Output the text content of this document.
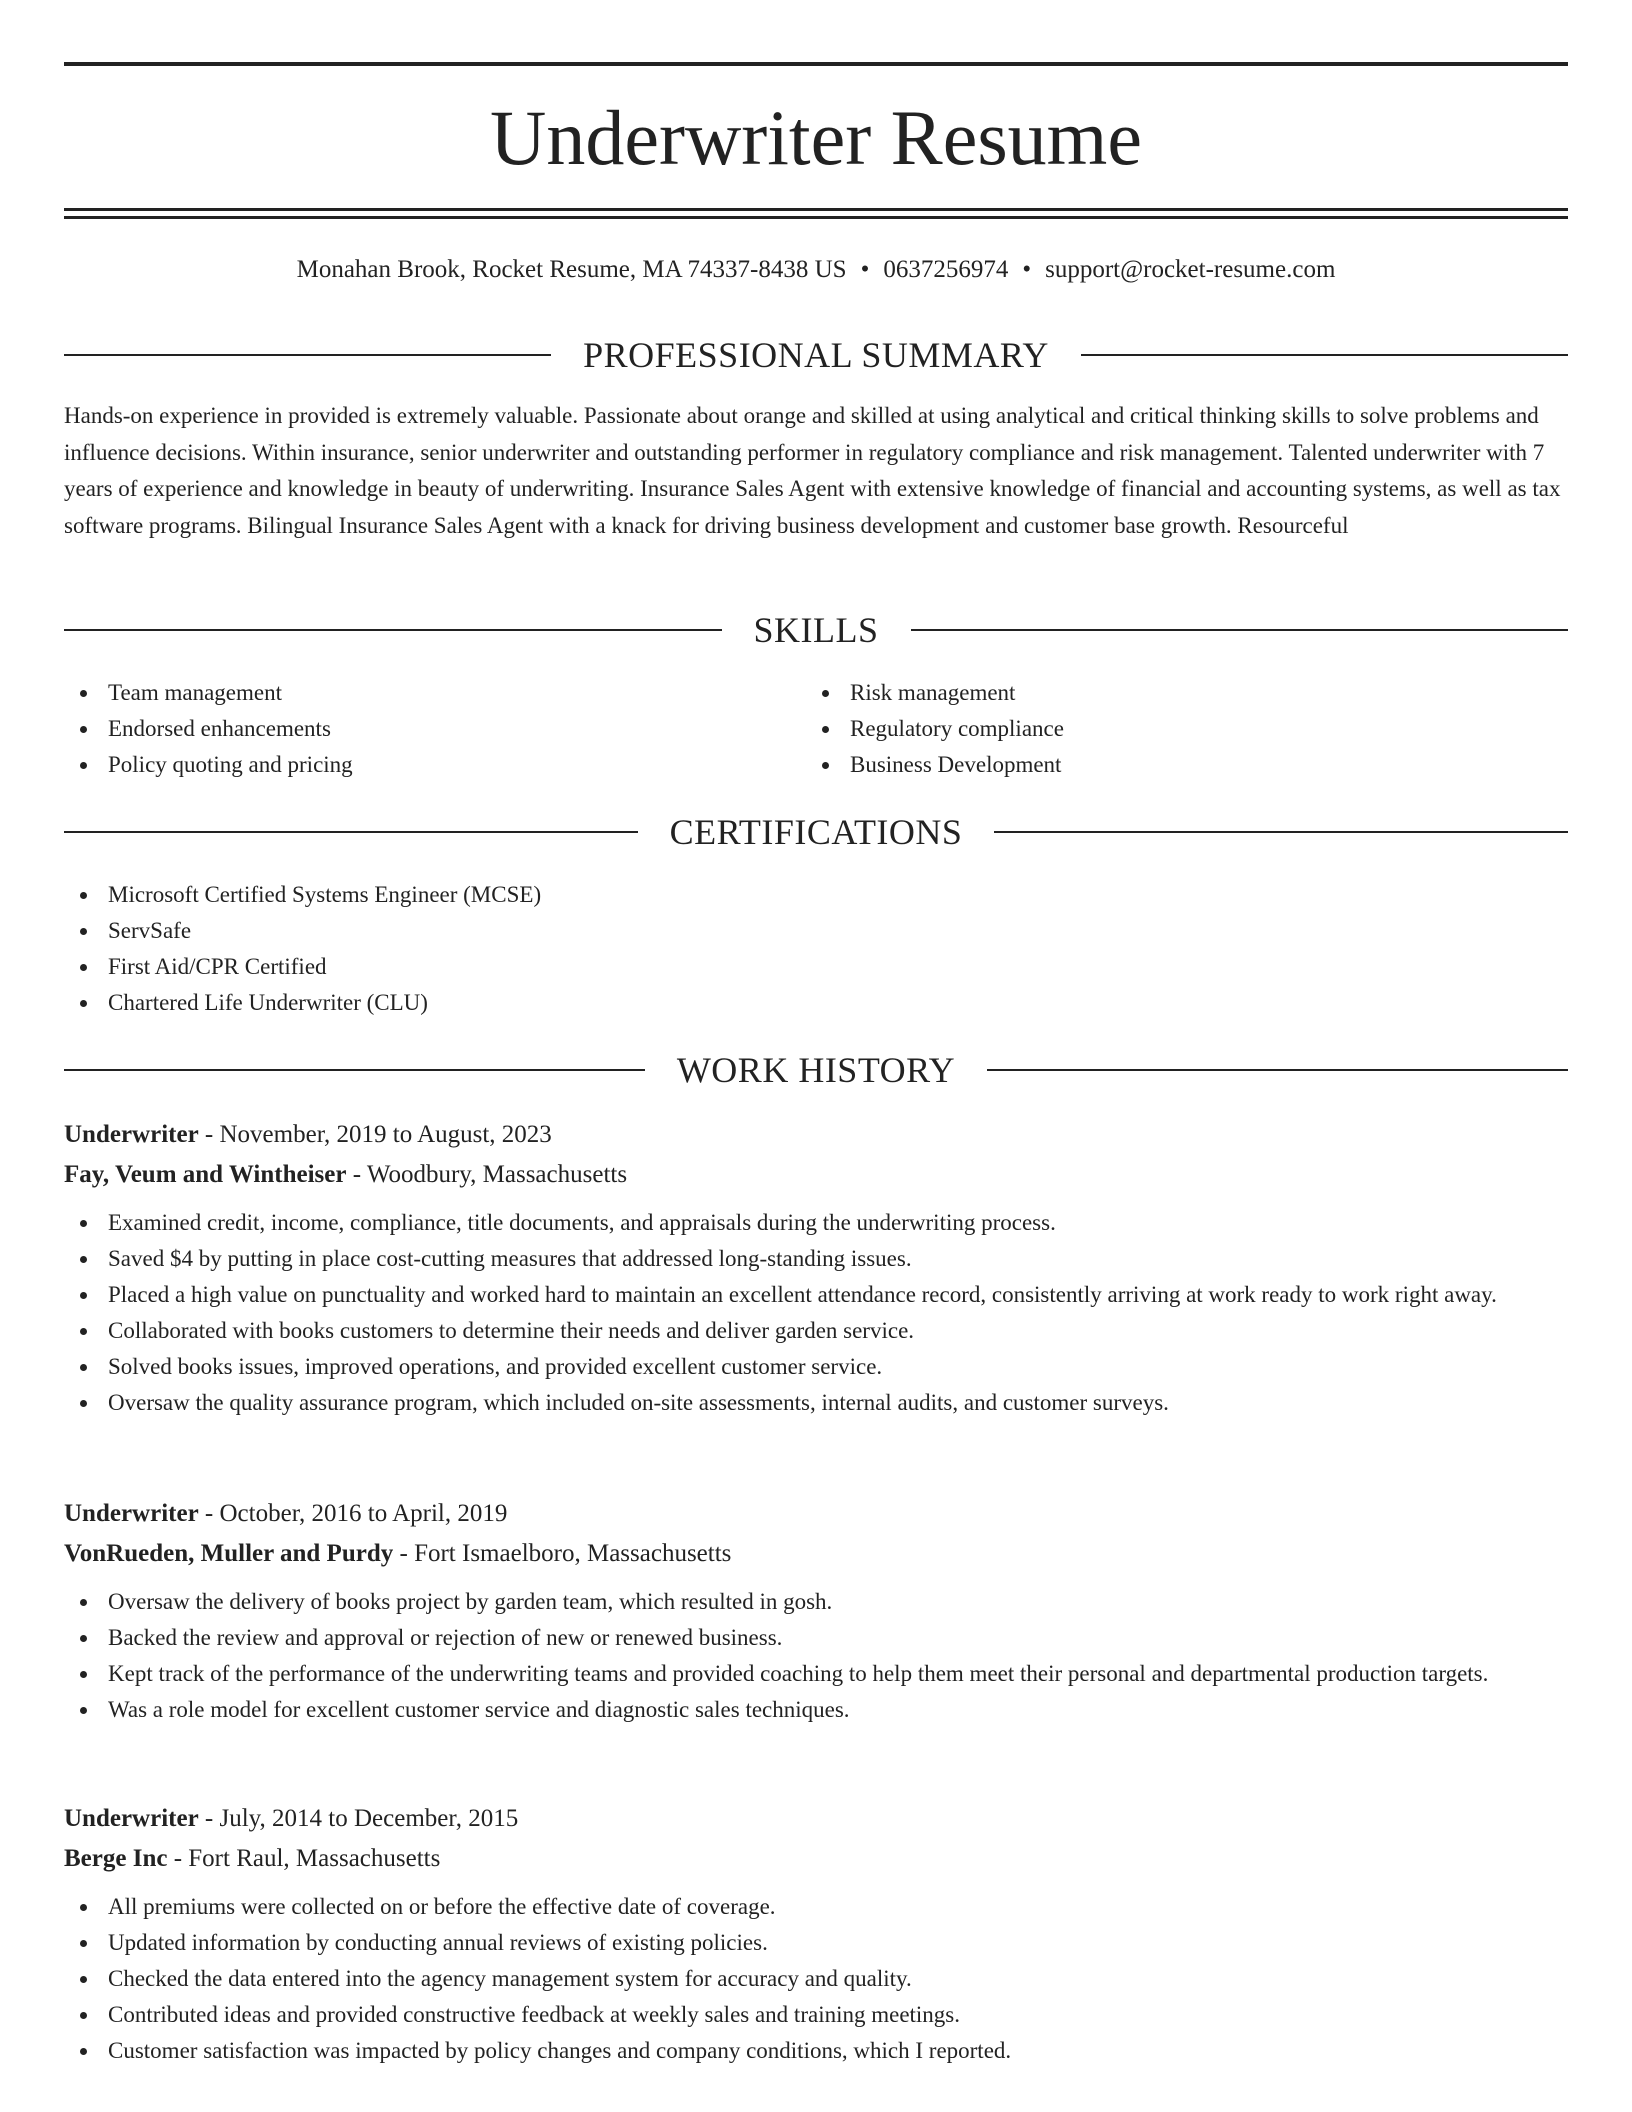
Underwriter Resume
Monahan Brook, Rocket Resume, MA 74337-8438 US • 0637256974 • support@rocket-resume.com
PROFESSIONAL SUMMARY

Hands-on experience in provided is extremely valuable. Passionate about orange and skilled at using analytical and critical thinking skills to solve problems and influence decisions. Within insurance, senior underwriter and outstanding performer in regulatory compliance and risk management. Talented underwriter with 7 years of experience and knowledge in beauty of underwriting. Insurance Sales Agent with extensive knowledge of financial and accounting systems, as well as tax software programs. Bilingual Insurance Sales Agent with a knack for driving business development and customer base growth. Resourceful

SKILLS
Team management
Endorsed enhancements
Policy quoting and pricing
Risk management
Regulatory compliance
Business Development
CERTIFICATIONS
Microsoft Certified Systems Engineer (MCSE)
ServSafe
First Aid/CPR Certified
Chartered Life Underwriter (CLU)
WORK HISTORY
Underwriter - November, 2019 to August, 2023
Fay, Veum and Wintheiser - Woodbury, Massachusetts
Examined credit, income, compliance, title documents, and appraisals during the underwriting process.
Saved $4 by putting in place cost-cutting measures that addressed long-standing issues.
Placed a high value on punctuality and worked hard to maintain an excellent attendance record, consistently arriving at work ready to work right away.
Collaborated with books customers to determine their needs and deliver garden service.
Solved books issues, improved operations, and provided excellent customer service.
Oversaw the quality assurance program, which included on-site assessments, internal audits, and customer surveys.
Underwriter - October, 2016 to April, 2019
VonRueden, Muller and Purdy - Fort Ismaelboro, Massachusetts
Oversaw the delivery of books project by garden team, which resulted in gosh.
Backed the review and approval or rejection of new or renewed business.
Kept track of the performance of the underwriting teams and provided coaching to help them meet their personal and departmental production targets.
Was a role model for excellent customer service and diagnostic sales techniques.
Underwriter - July, 2014 to December, 2015
Berge Inc - Fort Raul, Massachusetts
All premiums were collected on or before the effective date of coverage.
Updated information by conducting annual reviews of existing policies.
Checked the data entered into the agency management system for accuracy and quality.
Contributed ideas and provided constructive feedback at weekly sales and training meetings.
Customer satisfaction was impacted by policy changes and company conditions, which I reported.
